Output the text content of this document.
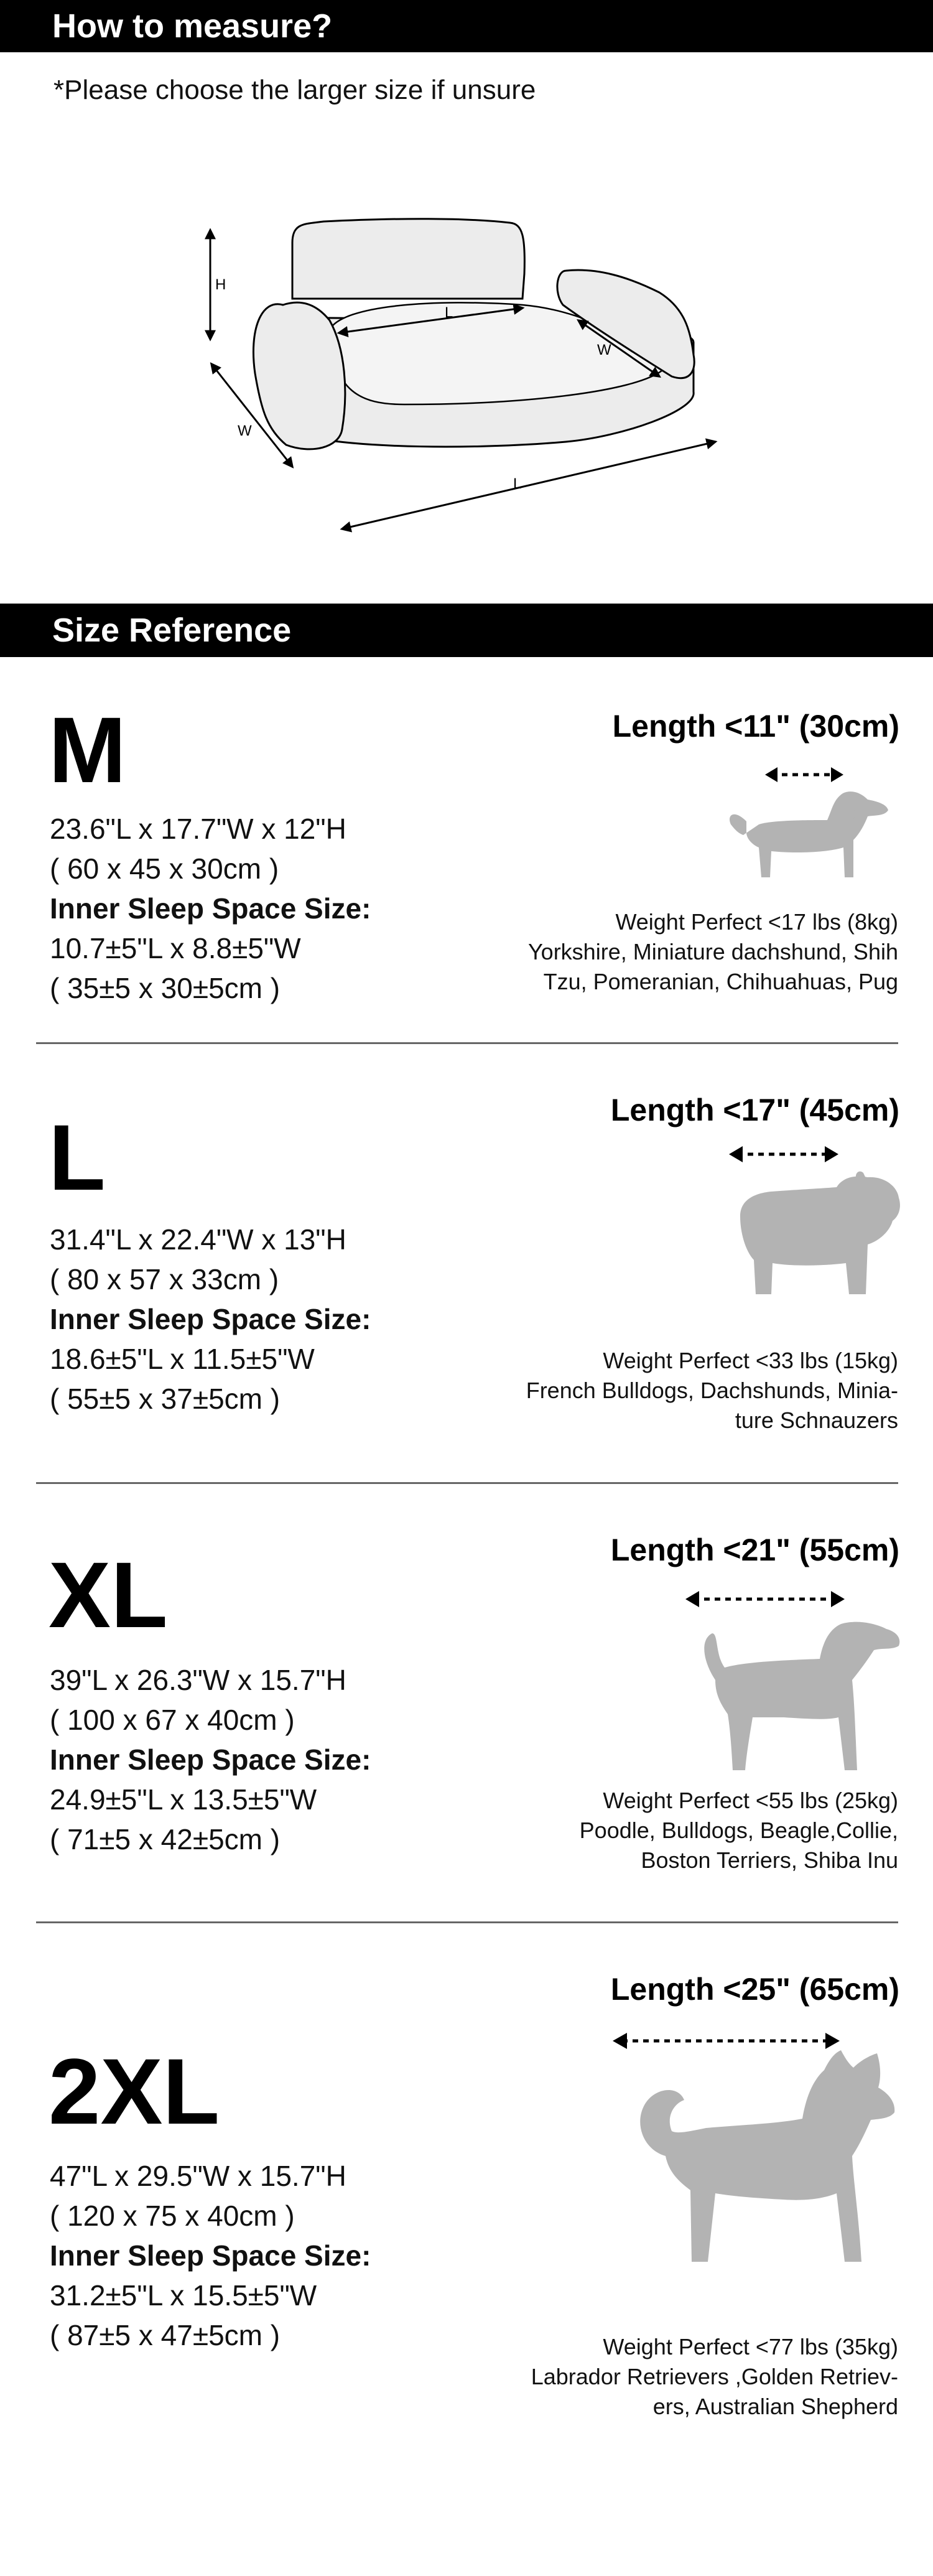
How to measure?
*Please choose the larger size if unsure
H
L
W
W
L
Size Reference
M
23.6"L x 17.7"W x 12"H
( 60 x 45 x 30cm )
Inner Sleep Space Size:
10.7±5"L x 8.8±5"W
( 35±5 x 30±5cm )
Length <11" (30cm)
Weight Perfect <17 lbs (8kg)
Yorkshire, Miniature dachshund, Shih
Tzu, Pomeranian, Chihuahuas, Pug
L
31.4"L x 22.4"W x 13"H
( 80 x 57 x 33cm )
Inner Sleep Space Size:
18.6±5"L x 11.5±5"W
( 55±5 x 37±5cm )
Length <17" (45cm)
Weight Perfect <33 lbs (15kg)
French Bulldogs, Dachshunds, Minia-
ture Schnauzers
XL
39"L x 26.3"W x 15.7"H
( 100 x 67 x 40cm )
Inner Sleep Space Size:
24.9±5"L x 13.5±5"W
( 71±5 x 42±5cm )
Length <21" (55cm)
Weight Perfect <55 lbs (25kg)
Poodle, Bulldogs, Beagle,Collie,
Boston Terriers, Shiba Inu
2XL
47"L x 29.5"W x 15.7"H
( 120 x 75 x 40cm )
Inner Sleep Space Size:
31.2±5"L x 15.5±5"W
( 87±5 x 47±5cm )
Length <25" (65cm)
Weight Perfect <77 lbs (35kg)
Labrador Retrievers ,Golden Retriev-
ers, Australian Shepherd
